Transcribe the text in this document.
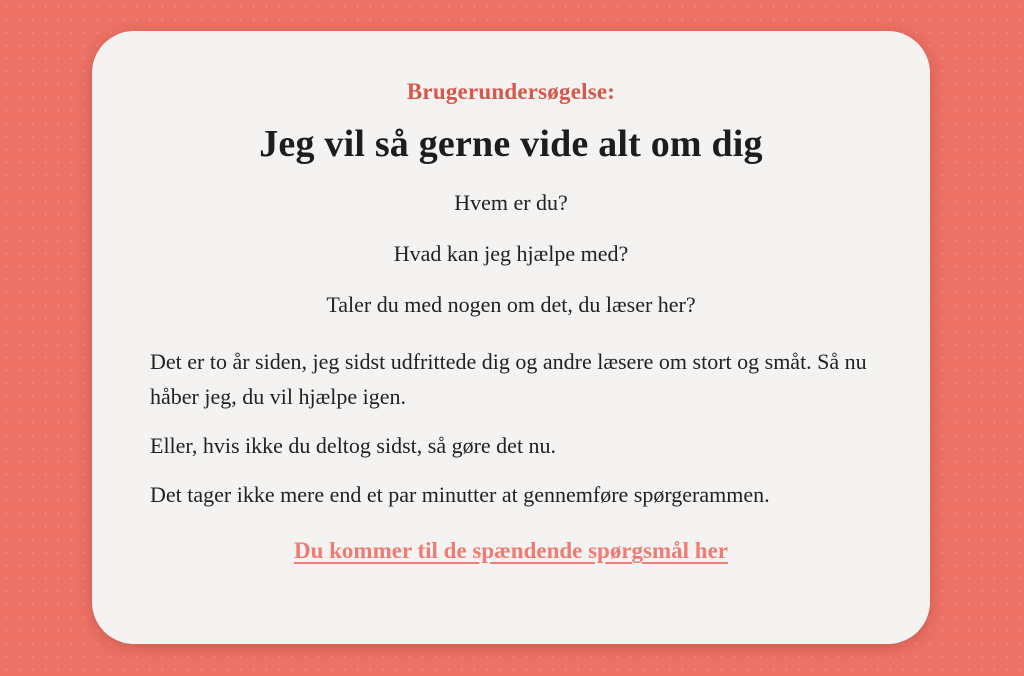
Brugerundersøgelse:
Jeg vil så gerne vide alt om dig
Hvem er du?
Hvad kan jeg hjælpe med?
Taler du med nogen om det, du læser her?

Det er to år siden, jeg sidst udfrittede dig og andre læsere om stort og småt. Så nu håber jeg, du vil hjælpe igen.

Eller, hvis ikke du deltog sidst, så gøre det nu.

Det tager ikke mere end et par minutter at gennemføre spørgerammen.

Du kommer til de spændende spørgsmål her
